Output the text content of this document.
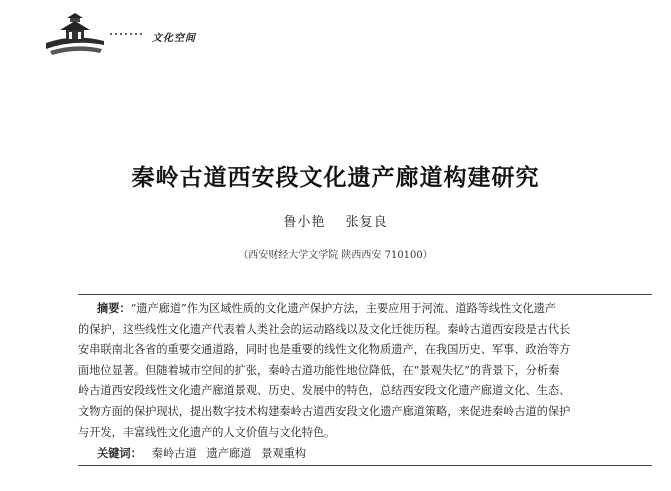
文化空间
秦岭古道西安段文化遗产廊道构建研究
鲁小艳 张复良
（西安财经大学文学院 陕西西安 710100）
摘要：“遗产廊道”作为区域性质的文化遗产保护方法，主要应用于河流、道路等线性文化遗产
的保护，这些线性文化遗产代表着人类社会的运动路线以及文化迁徙历程。秦岭古道西安段是古代长
安串联南北各省的重要交通道路，同时也是重要的线性文化物质遗产，在我国历史、军事、政治等方
面地位显著。但随着城市空间的扩张，秦岭古道功能性地位降低，在“景观失忆”的背景下，分析秦
岭古道西安段线性文化遗产廊道景观、历史、发展中的特色，总结西安段文化遗产廊道文化、生态、
文物方面的保护现状，提出数字技术构建秦岭古道西安段文化遗产廊道策略，来促进秦岭古道的保护
与开发，丰富线性文化遗产的人文价值与文化特色。
关键词： 秦岭古道 遗产廊道 景观重构
